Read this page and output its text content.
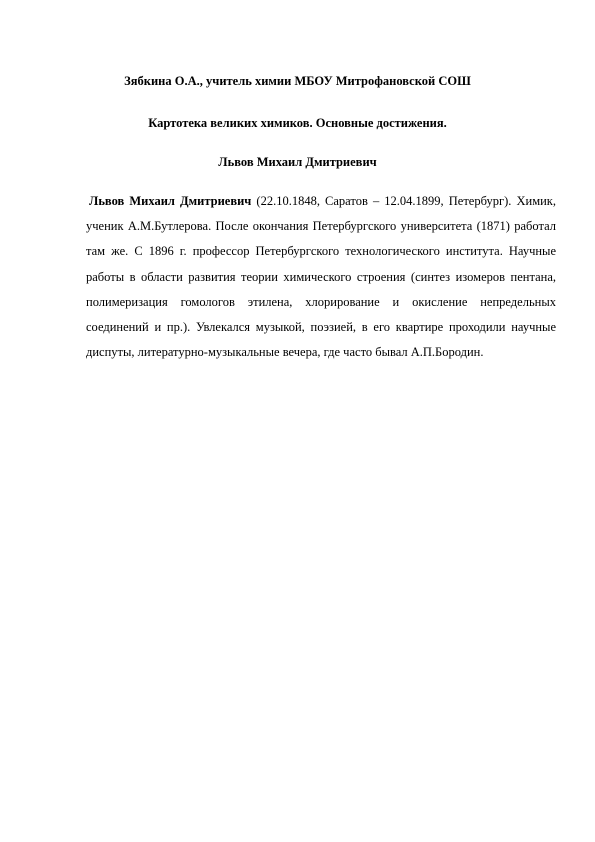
Зябкина О.А., учитель химии МБОУ Митрофановской СОШ
Картотека великих химиков. Основные достижения.
Львов Михаил Дмитриевич

Львов Михаил Дмитриевич (22.10.1848, Саратов – 12.04.1899, Петербург). Химик, ученик А.М.Бутлерова. После окончания Петербургского университета (1871) работал там же. С 1896 г. профессор Петербургского технологического института. Научные работы в области развития теории химического строения (синтез изомеров пентана, полимеризация гомологов этилена, хлорирование и окисление непредельных соединений и пр.). Увлекался музыкой, поэзией, в его квартире проходили научные диспуты, литературно-музыкальные вечера, где часто бывал А.П.Бородин.
